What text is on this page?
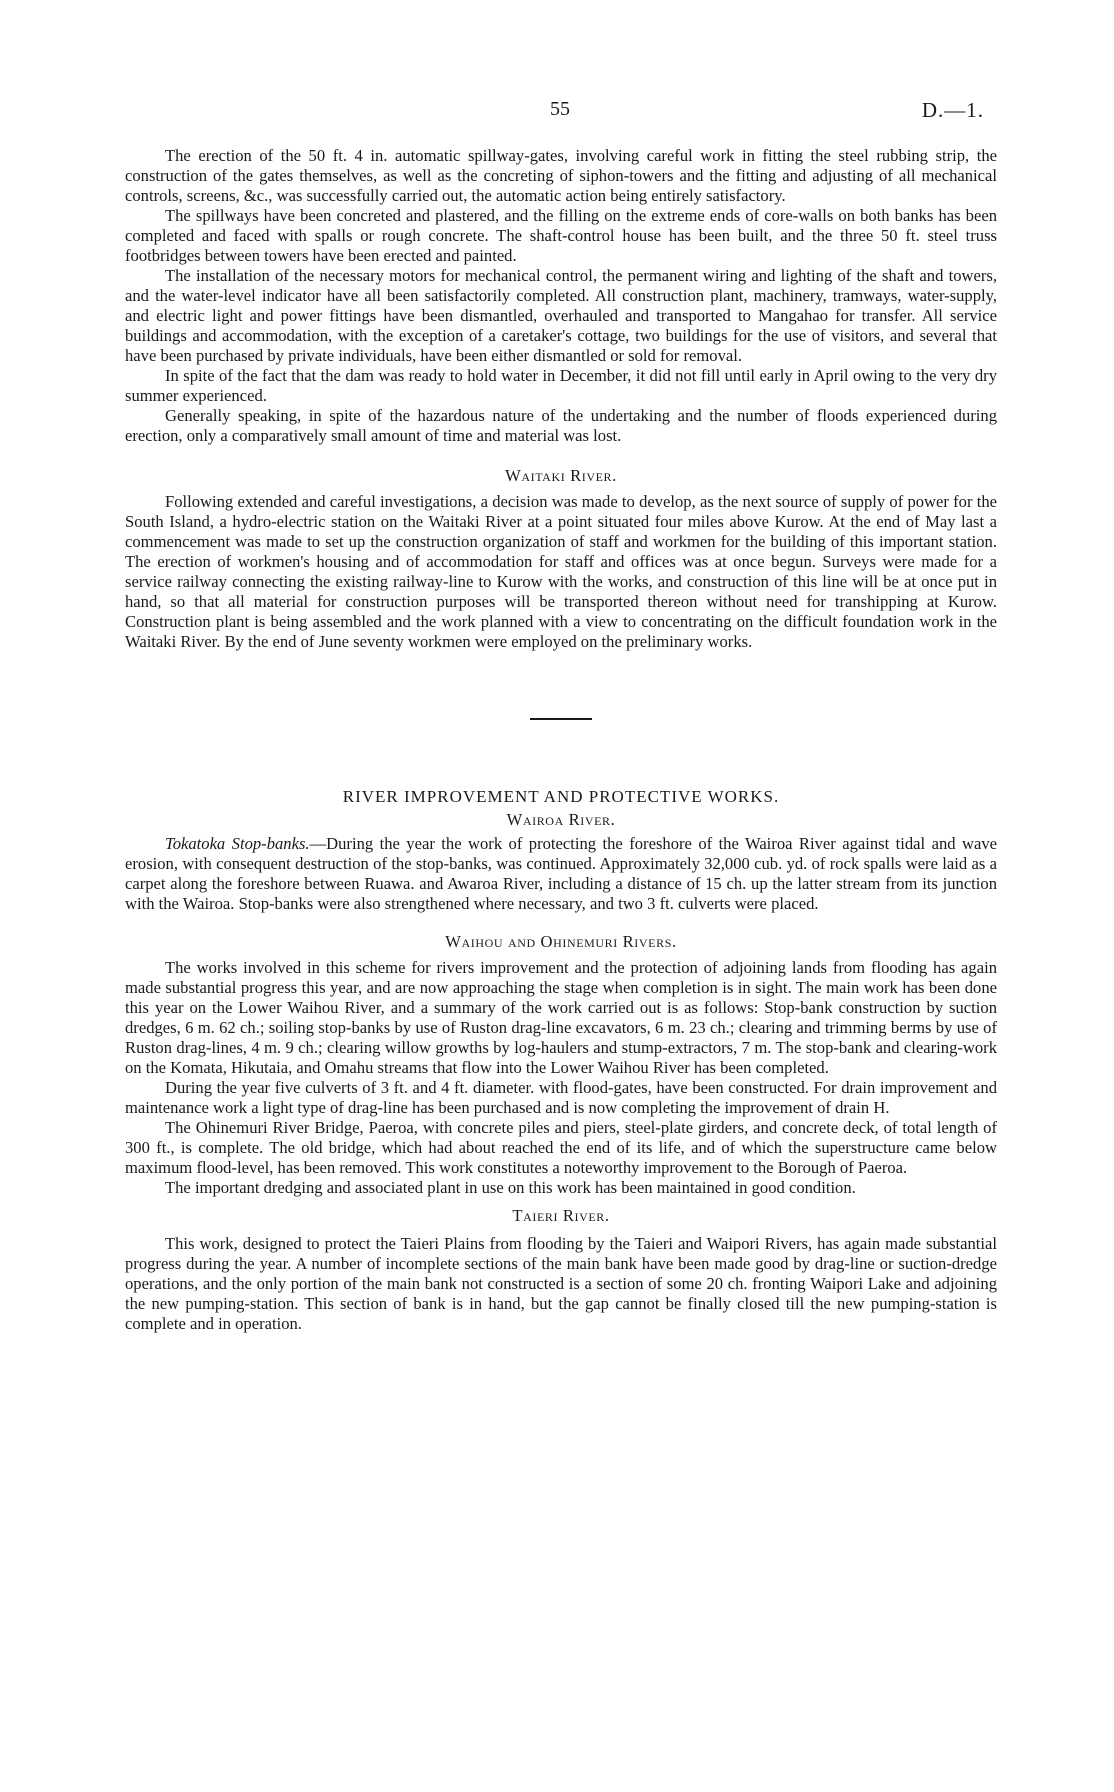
55	D.—1.

The erection of the 50 ft. 4 in. automatic spillway-gates, involving careful work in fitting the steel rubbing strip, the construction of the gates themselves, as well as the concreting of siphon-towers and the fitting and adjusting of all mechanical controls, screens, &c., was successfully carried out, the automatic action being entirely satisfactory.

The spillways have been concreted and plastered, and the filling on the extreme ends of core-walls on both banks has been completed and faced with spalls or rough concrete. The shaft-control house has been built, and the three 50 ft. steel truss footbridges between towers have been erected and painted.

The installation of the necessary motors for mechanical control, the permanent wiring and lighting of the shaft and towers, and the water-level indicator have all been satisfactorily completed. All construction plant, machinery, tramways, water-supply, and electric light and power fittings have been dismantled, overhauled and transported to Mangahao for transfer. All service buildings and accommodation, with the exception of a caretaker's cottage, two buildings for the use of visitors, and several that have been purchased by private individuals, have been either dismantled or sold for removal.

In spite of the fact that the dam was ready to hold water in December, it did not fill until early in April owing to the very dry summer experienced.

Generally speaking, in spite of the hazardous nature of the undertaking and the number of floods experienced during erection, only a comparatively small amount of time and material was lost.

Waitaki River.

Following extended and careful investigations, a decision was made to develop, as the next source of supply of power for the South Island, a hydro-electric station on the Waitaki River at a point situated four miles above Kurow. At the end of May last a commencement was made to set up the construction organization of staff and workmen for the building of this important station. The erection of workmen's housing and of accommodation for staff and offices was at once begun. Surveys were made for a service railway connecting the existing railway-line to Kurow with the works, and construction of this line will be at once put in hand, so that all material for construction purposes will be transported thereon without need for transhipping at Kurow. Construction plant is being assembled and the work planned with a view to concentrating on the difficult foundation work in the Waitaki River. By the end of June seventy workmen were employed on the preliminary works.

RIVER IMPROVEMENT AND PROTECTIVE WORKS.
Wairoa River.

Tokatoka Stop-banks.—During the year the work of protecting the foreshore of the Wairoa River against tidal and wave erosion, with consequent destruction of the stop-banks, was continued. Approximately 32,000 cub. yd. of rock spalls were laid as a carpet along the foreshore between Ruawa. and Awaroa River, including a distance of 15 ch. up the latter stream from its junction with the Wairoa. Stop-banks were also strengthened where necessary, and two 3 ft. culverts were placed.

Waihou and Ohinemuri Rivers.

The works involved in this scheme for rivers improvement and the protection of adjoining lands from flooding has again made substantial progress this year, and are now approaching the stage when completion is in sight. The main work has been done this year on the Lower Waihou River, and a summary of the work carried out is as follows: Stop-bank construction by suction dredges, 6 m. 62 ch.; soiling stop-banks by use of Ruston drag-line excavators, 6 m. 23 ch.; clearing and trimming berms by use of Ruston drag-lines, 4 m. 9 ch.; clearing willow growths by log-haulers and stump-extractors, 7 m. The stop-bank and clearing-work on the Komata, Hikutaia, and Omahu streams that flow into the Lower Waihou River has been completed.

During the year five culverts of 3 ft. and 4 ft. diameter. with flood-gates, have been constructed. For drain improvement and maintenance work a light type of drag-line has been purchased and is now completing the improvement of drain H.

The Ohinemuri River Bridge, Paeroa, with concrete piles and piers, steel-plate girders, and concrete deck, of total length of 300 ft., is complete. The old bridge, which had about reached the end of its life, and of which the superstructure came below maximum flood-level, has been removed. This work constitutes a noteworthy improvement to the Borough of Paeroa.

The important dredging and associated plant in use on this work has been maintained in good condition.

Taieri River.

This work, designed to protect the Taieri Plains from flooding by the Taieri and Waipori Rivers, has again made substantial progress during the year. A number of incomplete sections of the main bank have been made good by drag-line or suction-dredge operations, and the only portion of the main bank not constructed is a section of some 20 ch. fronting Waipori Lake and adjoining the new pumping-station. This section of bank is in hand, but the gap cannot be finally closed till the new pumping-station is complete and in operation.
